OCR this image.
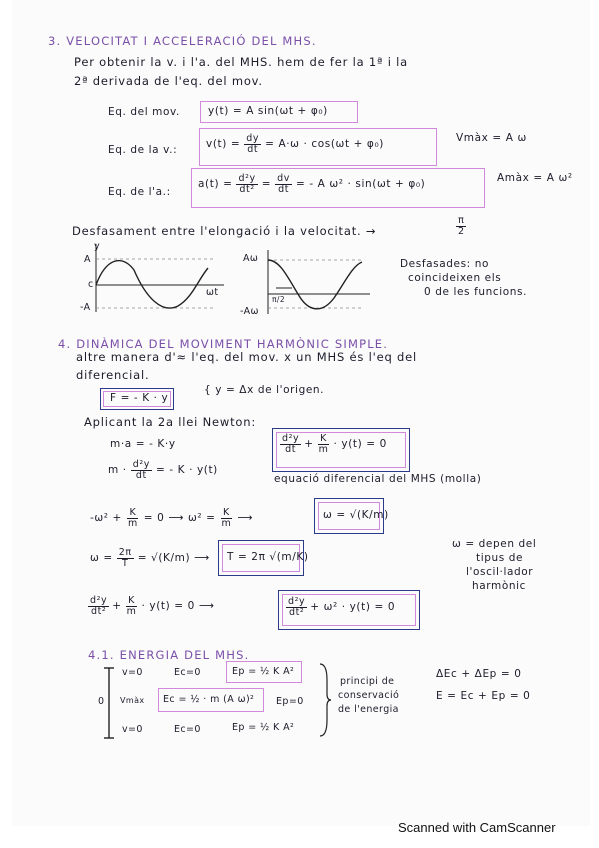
3. VELOCITAT I ACCELERACIÓ DEL MHS.
Per obtenir la v. i l'a. del MHS. hem de fer la 1ª i la
2ª derivada de l'eq. del mov.
Eq. del mov.	y(t) = A sin(ωt + φ₀)
Eq. de la v.:	$v(t) = \frac{dy}{dt} = A\cdot\omega \cdot \cos(\omega t + \varphi_0)$
Vmàx = A ω
Eq. de l'a.:
$a(t) = \frac{\text{d²y}}{\text{dt²}} = \frac{dv}{dt}$ = - A ω² · sin(ωt + φ₀)
Amàx = A ω²
Desfasament entre l'elongació i la velocitat. →	$\frac{\pi}{2}$
y
A
c
-A
ωt
Aω
π/2
-Aω
Desfasades: no
coincideixen els
0 de les funcions.
4. DINÀMICA DEL MOVIMENT HARMÒNIC SIMPLE.
altre manera d'≈ l'eq. del mov. x un MHS és l'eq del
diferencial.
F = - K · y
{ y = Δx de l'origen.
Aplicant la 2a llei Newton:
m·a = - K·y
$m \cdot \frac{\text{d²y}}{dt}$ = - K · y(t)
$\frac{\text{d²y}}{dt} + \frac{K}{m} \cdot y(t) = 0$
equació diferencial del MHS (molla)
$-\omega^2 + \frac{K}{m} = 0$ ⟶ $\omega^2 = \frac{K}{m}$ ⟶	ω = √(K/m)
$\omega = \frac{2\pi}{T} = √(K/m)$ ⟶ T = 2π √(m/K)
ω = depen del
tipus de
l'oscil·lador
harmònic
$\frac{\text{d²y}}{\text{dt²}} + \frac{K}{m} \cdot y(t) = 0$ ⟶	$\frac{\text{d²y}}{\text{dt²}} + \omega^2 \cdot y(t) = 0$
4.1. ENERGIA DEL MHS.
v=0	Ec=0	Ep = ½ K A²
0 Vmàx Ec = ½ · m (A ω)² Ep=0
v=0	Ec=0	Ep = ½ K A²
principi de
conservació
de l'energia
ΔEc + ΔEp = 0
E = Ec + Ep = 0
Scanned with CamScanner
